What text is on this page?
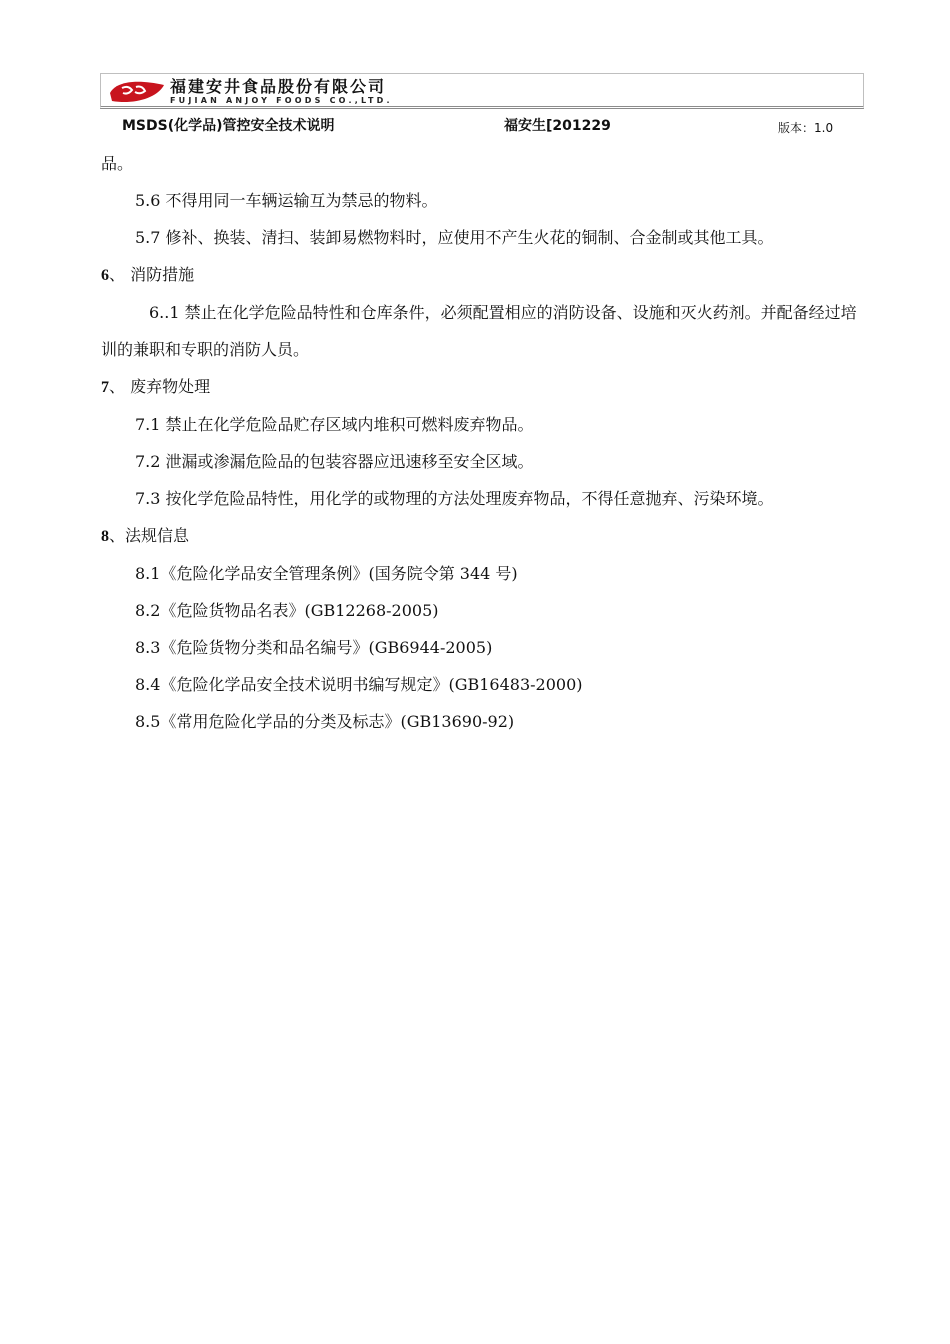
福建安井食品股份有限公司
FUJIAN ANJOY FOODS CO.,LTD.
MSDS(化学品)管控安全技术说明	福安生[201229	版本：1.0

品。

5.6 不得用同一车辆运输互为禁忌的物料。

5.7 修补、换装、清扫、装卸易燃物料时，应使用不产生火花的铜制、合金制或其他工具。

6、 消防措施

6..1 禁止在化学危险品特性和仓库条件，必须配置相应的消防设备、设施和灭火药剂。并配备经过培训的兼职和专职的消防人员。

7、 废弃物处理

7.1 禁止在化学危险品贮存区域内堆积可燃料废弃物品。

7.2 泄漏或渗漏危险品的包装容器应迅速移至安全区域。

7.3 按化学危险品特性，用化学的或物理的方法处理废弃物品，不得任意抛弃、污染环境。

8、法规信息

8.1《危险化学品安全管理条例》(国务院令第 344 号)

8.2《危险货物品名表》(GB12268-2005)

8.3《危险货物分类和品名编号》(GB6944-2005)

8.4《危险化学品安全技术说明书编写规定》(GB16483-2000)

8.5《常用危险化学品的分类及标志》(GB13690-92)
